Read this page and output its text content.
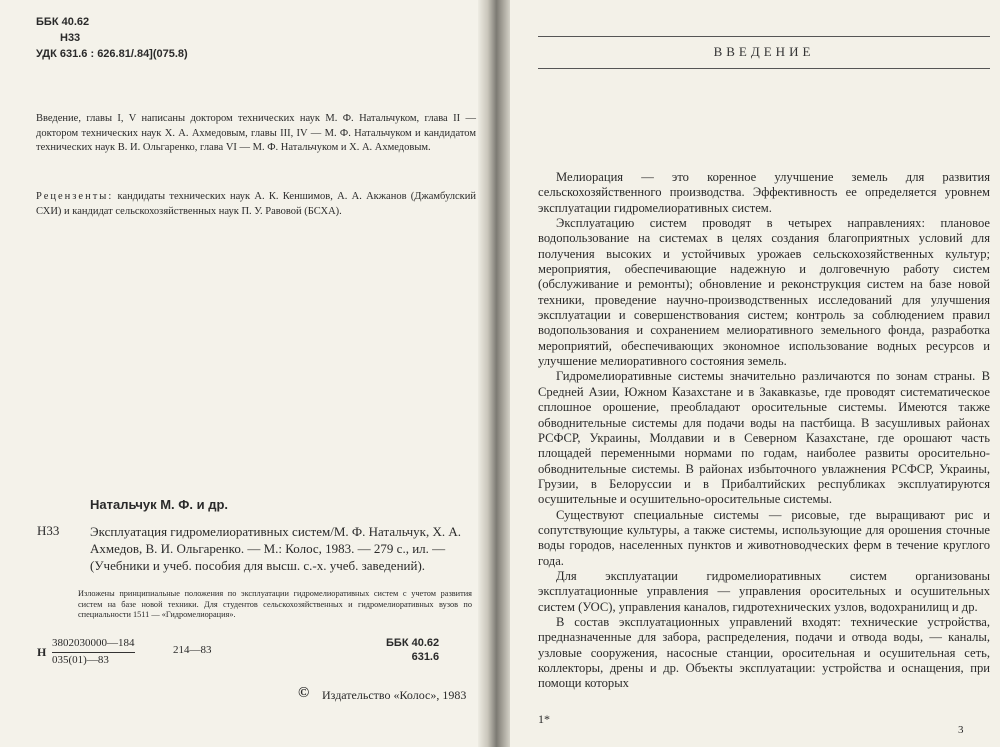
ББК 40.62
Н33
УДК 631.6 : 626.81/.84](075.8)

Введение, главы I, V написаны доктором технических наук М. Ф. Натальчуком, глава II — доктором технических наук Х. А. Ахмедовым, главы III, IV — М. Ф. Натальчуком и кандидатом технических наук В. И. Ольгаренко, глава VI — М. Ф. Натальчуком и Х. А. Ахмедовым.

Рецензенты: кандидаты технических наук А. К. Кеншимов, А. А. Акжанов (Джамбулский СХИ) и кандидат сельскохозяйственных наук П. У. Равовой (БСХА).

Натальчук М. Ф. и др.
Н33 Эксплуатация гидромелиоративных систем/М. Ф. Натальчук, Х. А. Ахмедов, В. И. Ольгаренко. — М.: Колос, 1983. — 279 с., ил. — (Учебники и учеб. пособия для высш. с.-х. учеб. заведений).

Изложены принципиальные положения по эксплуатации гидромелиоративных систем с учетом развития систем на базе новой техники. Для студентов сельскохозяйственных и гидромелиоративных вузов по специальности 1511 — «Гидромелиорация».

Н $\frac{3802030000—184}{035(01)—83}$	214—83
ББК 40.62
631.6
© Издательство «Колос», 1983
ВВЕДЕНИЕ

Мелиорация — это коренное улучшение земель для развития сельскохозяйственного производства. Эффективность ее определяется уровнем эксплуатации гидромелиоративных систем.

Эксплуатацию систем проводят в четырех направлениях: плановое водопользование на системах в целях создания благоприятных условий для получения высоких и устойчивых урожаев сельскохозяйственных культур; мероприятия, обеспечивающие надежную и долговечную работу систем (обслуживание и ремонты); обновление и реконструкция систем на базе новой техники, проведение научно-производственных исследований для улучшения эксплуатации и совершенствования систем; контроль за соблюдением правил водопользования и сохранением мелиоративного земельного фонда, разработка мероприятий, обеспечивающих экономное использование водных ресурсов и улучшение мелиоративного состояния земель.

Гидромелиоративные системы значительно различаются по зонам страны. В Средней Азии, Южном Казахстане и в Закавказье, где проводят систематическое сплошное орошение, преобладают оросительные системы. Имеются также обводнительные системы для подачи воды на пастбища. В засушливых районах РСФСР, Украины, Молдавии и в Северном Казахстане, где орошают часть площадей переменными нормами по годам, наиболее развиты оросительно-обводнительные системы. В районах избыточного увлажнения РСФСР, Украины, Грузии, в Белоруссии и в Прибалтийских республиках эксплуатируются осушительные и осушительно-оросительные системы.

Существуют специальные системы — рисовые, где выращивают рис и сопутствующие культуры, а также системы, использующие для орошения сточные воды городов, населенных пунктов и животноводческих ферм в течение круглого года.

Для эксплуатации гидромелиоративных систем организованы эксплуатационные управления — управления оросительных и осушительных систем (УОС), управления каналов, гидротехнических узлов, водохранилищ и др.

В состав эксплуатационных управлений входят: технические устройства, предназначенные для забора, распределения, подачи и отвода воды, — каналы, узловые сооружения, насосные станции, оросительная и осушительная сеть, коллекторы, дрены и др. Объекты эксплуатации: устройства и оснащения, при помощи которых

1*
3
